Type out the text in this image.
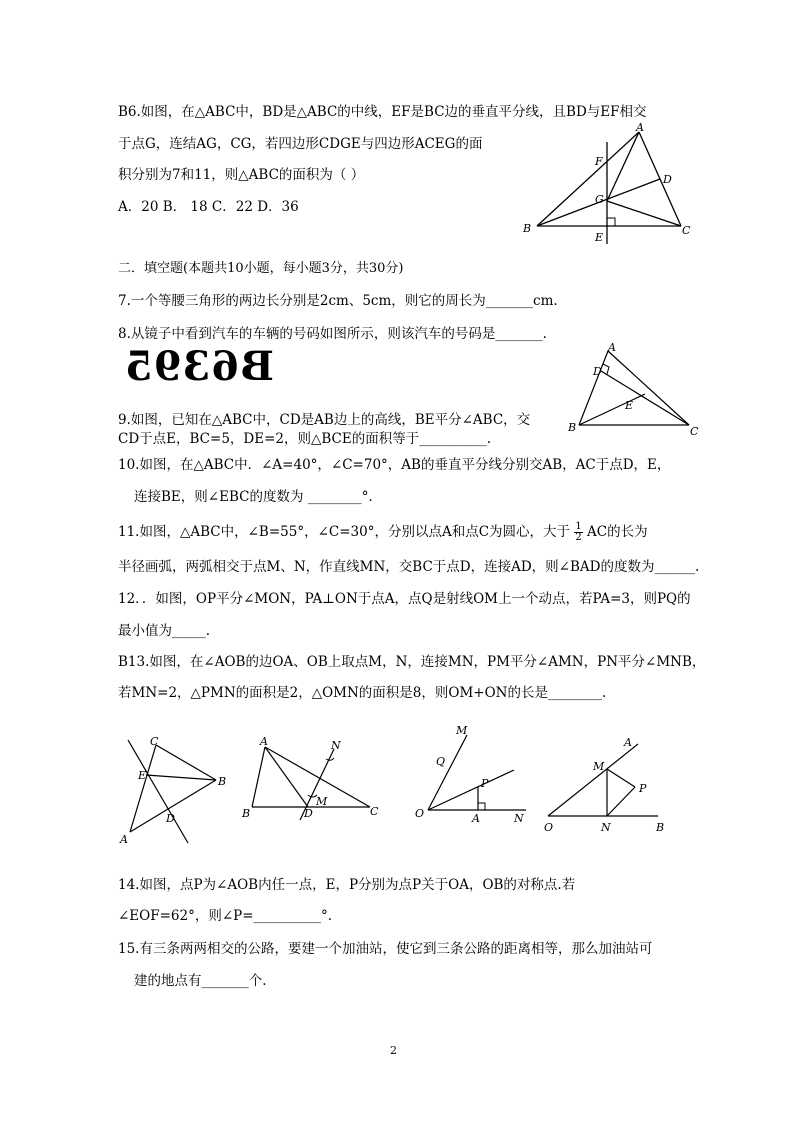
B6.如图，在△ABC中，BD是△ABC的中线，EF是BC边的垂直平分线，且BD与EF相交
于点G，连结AG，CG，若四边形CDGE与四边形ACEG的面
积分别为7和11，则△ABC的面积为（ ）
A．20 B． 18 C．22 D．36
A
B	C
D
E
F
G
二．填空题(本题共10小题，每小题3分，共30分)
7.一个等腰三角形的两边长分别是2cm、5cm，则它的周长为_______cm.
8.从镜子中看到汽车的车辆的号码如图所示，则该汽车的号码是_______.
B6395	A
B	C
D
E
9.如图，已知在△ABC中，CD是AB边上的高线，BE平分∠ABC，交
CD于点E，BC=5，DE=2，则△BCE的面积等于__________.
10.如图，在△ABC中．∠A=40°，∠C=70°，AB的垂直平分线分别交AB，AC于点D，E，
连接BE，则∠EBC的度数为 ________°．
11.如图，△ABC中，∠B=55°，∠C=30°，分别以点A和点C为圆心，大于 $\frac{1}{2}$ AC的长为
半径画弧，两弧相交于点M、N，作直线MN，交BC于点D，连接AD，则∠BAD的度数为______.
12．．如图，OP平分∠MON，PA⊥ON于点A，点Q是射线OM上一个动点，若PA=3，则PQ的
最小值为_____.
B13.如图，在∠AOB的边OA、OB上取点M，N，连接MN，PM平分∠AMN，PN平分∠MNB，
若MN=2，△PMN的面积是2，△OMN的面积是8，则OM+ON的长是________.
C
E	B
D
A
A
B	C
D
M
N
M
Q
P
O	A	N
A
M
P
O	N	B
14.如图，点P为∠AOB内任一点，E，P分别为点P关于OA，OB的对称点.若
∠EOF=62°，则∠P=__________°.
15.有三条两两相交的公路，要建一个加油站，使它到三条公路的距离相等，那么加油站可
建的地点有_______个.
2
